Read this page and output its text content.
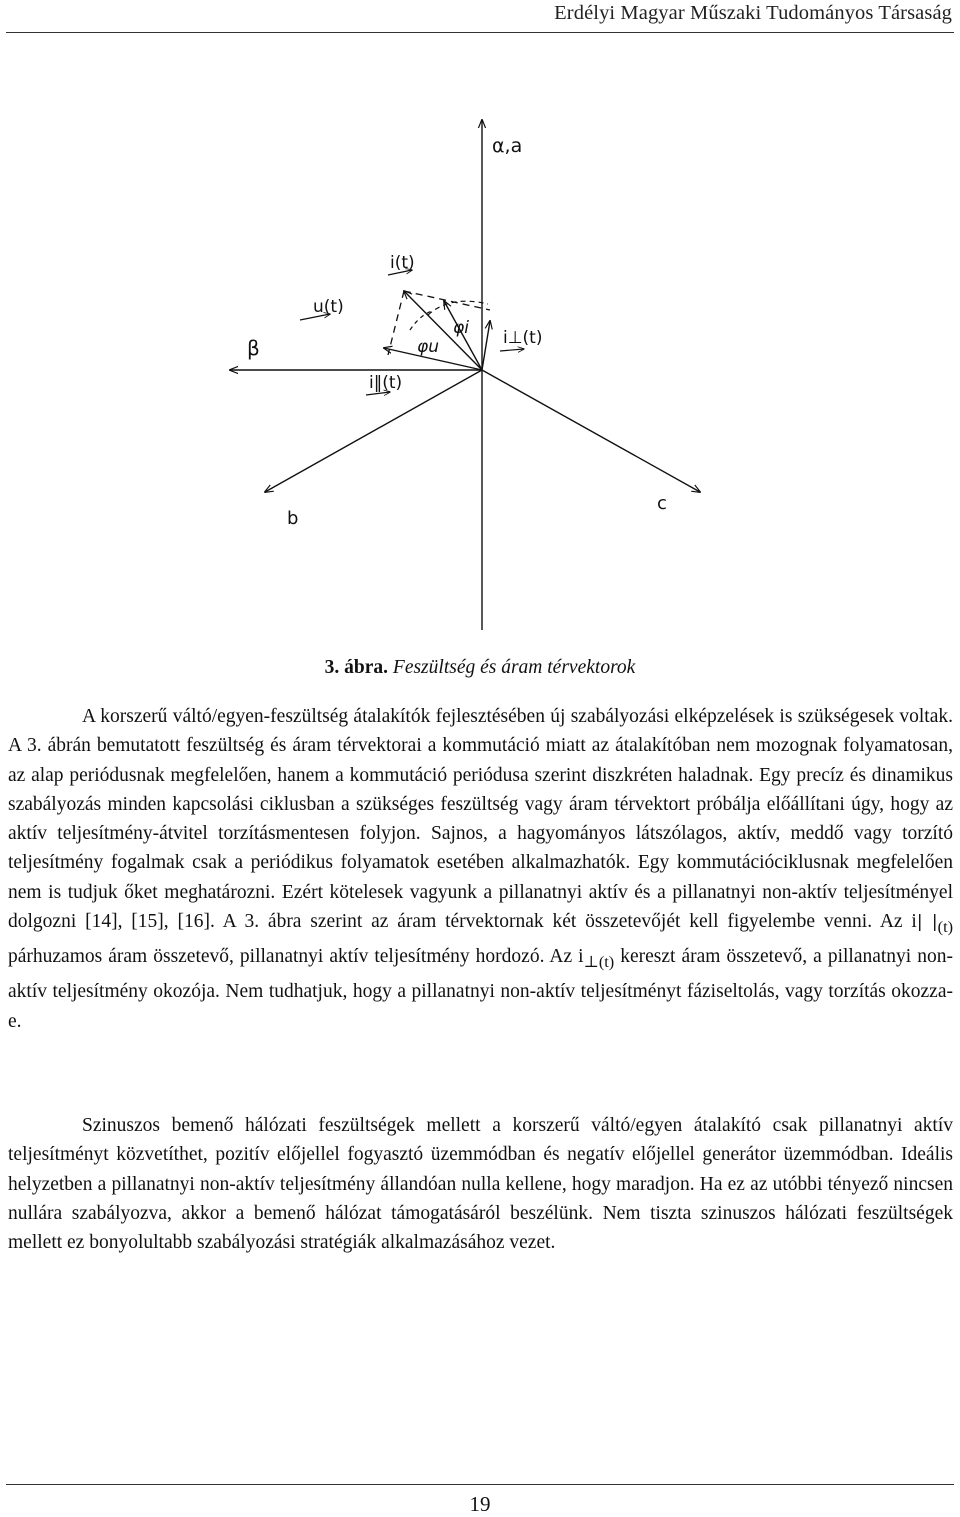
Erdélyi Magyar Műszaki Tudományos Társaság
α,a
β
b
c
i(t)
u(t)
i⊥(t)
i‖(t)
φi
φu
3. ábra. Feszültség és áram térvektorok

A korszerű váltó/egyen-feszültség átalakítók fejlesztésében új szabályozási elképzelések is szükségesek voltak. A 3. ábrán bemutatott feszültség és áram térvektorai a kommutáció miatt az átalakítóban nem mozognak folyamatosan, az alap periódusnak megfelelően, hanem a kommutáció periódusa szerint diszkréten haladnak. Egy precíz és dinamikus szabályozás minden kapcsolási ciklusban a szükséges feszültség vagy áram térvektort próbálja előállítani úgy, hogy az aktív teljesítmény-átvitel torzításmentesen folyjon. Sajnos, a hagyományos látszólagos, aktív, meddő vagy torzító teljesítmény fogalmak csak a periódikus folyamatok esetében alkalmazhatók. Egy kommutációciklusnak megfelelően nem is tudjuk őket meghatározni. Ezért kötelesek vagyunk a pillanatnyi aktív és a pillanatnyi non-aktív teljesítményel dolgozni [14], [15], [16]. A 3. ábra szerint az áram térvektornak két összetevőjét kell figyelembe venni. Az i| $|_{(t)}$ párhuzamos áram összetevő, pillanatnyi aktív teljesítmény hordozó. Az $i_{\perp(t)}$ kereszt áram összetevő, a pillanatnyi non-aktív teljesítmény okozója. Nem tudhatjuk, hogy a pillanatnyi non-aktív teljesítményt fáziseltolás, vagy torzítás okozza-e.

Szinuszos bemenő hálózati feszültségek mellett a korszerű váltó/egyen átalakító csak pillanatnyi aktív teljesítményt közvetíthet, pozitív előjellel fogyasztó üzemmódban és negatív előjellel generátor üzemmódban. Ideális helyzetben a pillanatnyi non-aktív teljesítmény állandóan nulla kellene, hogy maradjon. Ha ez az utóbbi tényező nincsen nullára szabályozva, akkor a bemenő hálózat támogatásáról beszélünk. Nem tiszta szinuszos hálózati feszültségek mellett ez bonyolultabb szabályozási stratégiák alkalmazásához vezet.

19
